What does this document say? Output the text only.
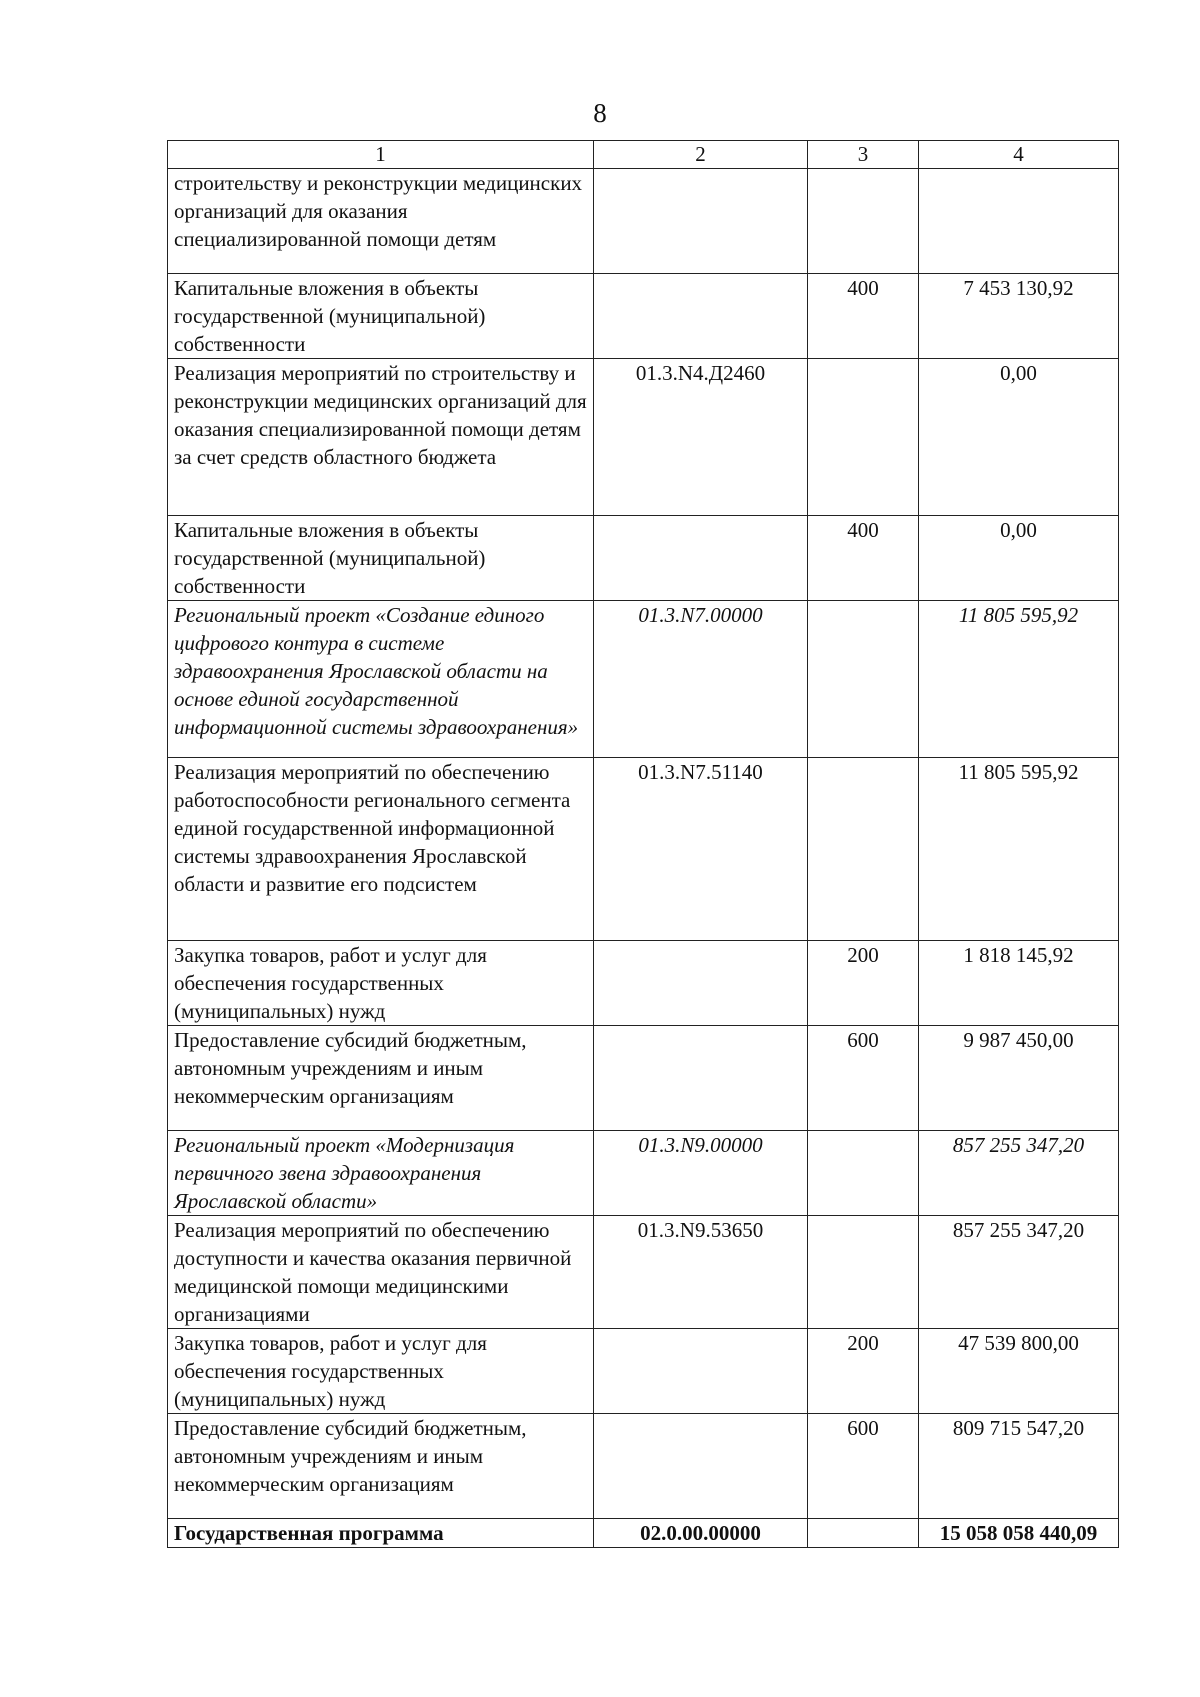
8
1	2	3	4
строительству и реконструкции медицинских организаций для оказания специализированной помощи детям			
Капитальные вложения в объекты государственной (муниципальной) собственности		400	7 453 130,92
Реализация мероприятий по строительству и реконструкции медицинских организаций для оказания специализированной помощи детям за счет средств областного бюджета	01.3.N4.Д2460		0,00
Капитальные вложения в объекты государственной (муниципальной) собственности		400	0,00
Региональный проект «Создание единого цифрового контура в системе здравоохранения Ярославской области на основе единой государственной информационной системы здравоохранения»	01.3.N7.00000		11 805 595,92
Реализация мероприятий по обеспечению работоспособности регионального сегмента единой государственной информационной системы здравоохранения Ярославской области и развитие его подсистем	01.3.N7.51140		11 805 595,92
Закупка товаров, работ и услуг для обеспечения государственных (муниципальных) нужд		200	1 818 145,92
Предоставление субсидий бюджетным, автономным учреждениям и иным некоммерческим организациям		600	9 987 450,00
Региональный проект «Модернизация первичного звена здравоохранения Ярославской области»	01.3.N9.00000		857 255 347,20
Реализация мероприятий по обеспечению доступности и качества оказания первичной медицинской помощи медицинскими организациями	01.3.N9.53650		857 255 347,20
Закупка товаров, работ и услуг для обеспечения государственных (муниципальных) нужд		200	47 539 800,00
Предоставление субсидий бюджетным, автономным учреждениям и иным некоммерческим организациям		600	809 715 547,20
Государственная программа	02.0.00.00000		15 058 058 440,09
